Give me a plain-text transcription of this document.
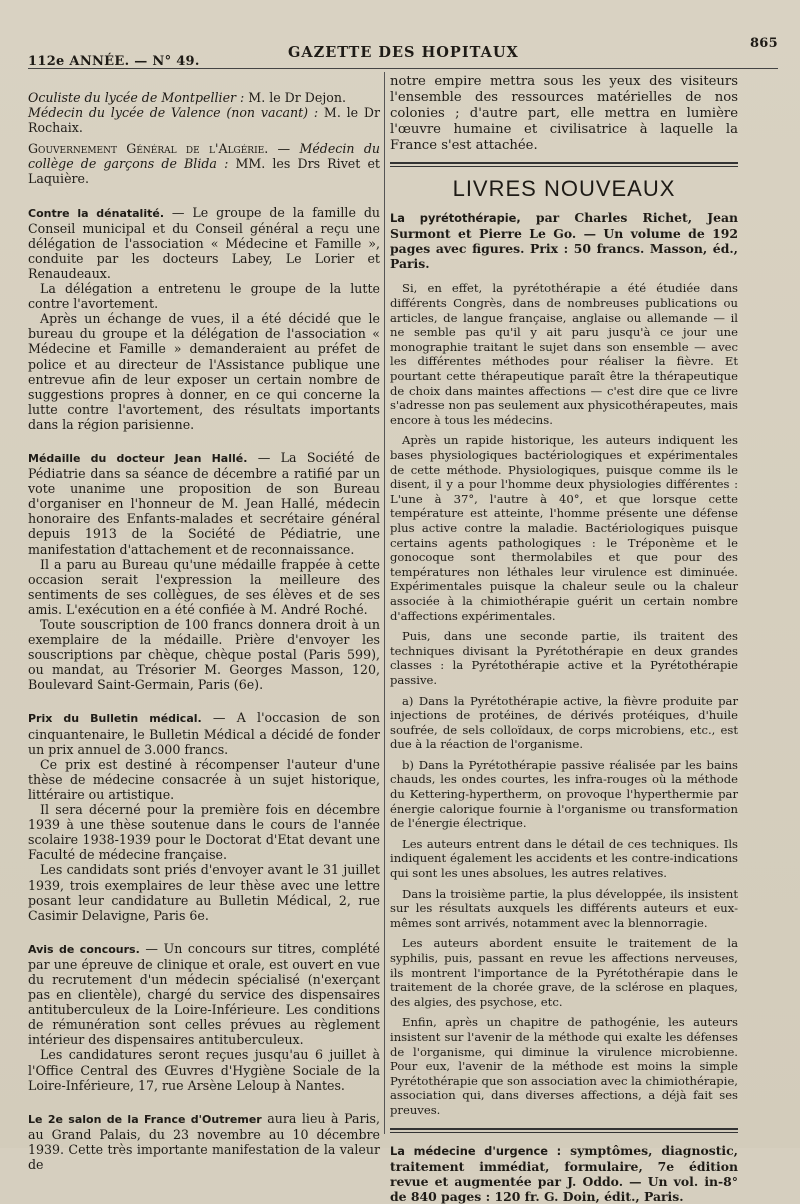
112e ANNÉE. — N° 49.
GAZETTE DES HOPITAUX
865

Oculiste du lycée de Montpellier : M. le Dr Dejon.

Médecin du lycée de Valence (non vacant) : M. le Dr Rochaix.

Gouvernement Général de l'Algérie. — Médecin du collège de garçons de Blida : MM. les Drs Rivet et Laquière.

Contre la dénatalité. — Le groupe de la famille du Conseil municipal et du Conseil général a reçu une délégation de l'association « Médecine et Famille », conduite par les docteurs Labey, Le Lorier et Renaudeaux.

La délégation a entretenu le groupe de la lutte contre l'avortement.

Après un échange de vues, il a été décidé que le bureau du groupe et la délégation de l'association « Médecine et Famille » demanderaient au préfet de police et au directeur de l'Assistance publique une entrevue afin de leur exposer un certain nombre de suggestions propres à donner, en ce qui concerne la lutte contre l'avortement, des résultats importants dans la région parisienne.

Médaille du docteur Jean Hallé. — La Société de Pédiatrie dans sa séance de décembre a ratifié par un vote unanime une proposition de son Bureau d'organiser en l'honneur de M. Jean Hallé, médecin honoraire des Enfants-malades et secrétaire général depuis 1913 de la Société de Pédiatrie, une manifestation d'attachement et de reconnaissance.

Il a paru au Bureau qu'une médaille frappée à cette occasion serait l'expression la meilleure des sentiments de ses collègues, de ses élèves et de ses amis. L'exécution en a été confiée à M. André Roché.

Toute souscription de 100 francs donnera droit à un exemplaire de la médaille. Prière d'envoyer les souscriptions par chèque, chèque postal (Paris 599), ou mandat, au Trésorier M. Georges Masson, 120, Boulevard Saint-Germain, Paris (6e).

Prix du Bulletin médical. — A l'occasion de son cinquantenaire, le Bulletin Médical a décidé de fonder un prix annuel de 3.000 francs.

Ce prix est destiné à récompenser l'auteur d'une thèse de médecine consacrée à un sujet historique, littéraire ou artistique.

Il sera décerné pour la première fois en décembre 1939 à une thèse soutenue dans le cours de l'année scolaire 1938-1939 pour le Doctorat d'Etat devant une Faculté de médecine française.

Les candidats sont priés d'envoyer avant le 31 juillet 1939, trois exemplaires de leur thèse avec une lettre posant leur candidature au Bulletin Médical, 2, rue Casimir Delavigne, Paris 6e.

Avis de concours. — Un concours sur titres, complété par une épreuve de clinique et orale, est ouvert en vue du recrutement d'un médecin spécialisé (n'exerçant pas en clientèle), chargé du service des dispensaires antituberculeux de la Loire-Inférieure. Les conditions de rémunération sont celles prévues au règlement intérieur des dispensaires antituberculeux.

Les candidatures seront reçues jusqu'au 6 juillet à l'Office Central des Œuvres d'Hygiène Sociale de la Loire-Inférieure, 17, rue Arsène Leloup à Nantes.

Le 2e salon de la France d'Outremer aura lieu à Paris, au Grand Palais, du 23 novembre au 10 décembre 1939. Cette très importante manifestation de la valeur de

notre empire mettra sous les yeux des visiteurs l'ensemble des ressources matérielles de nos colonies ; d'autre part, elle mettra en lumière l'œuvre humaine et civilisatrice à laquelle la France s'est attachée.

LIVRES NOUVEAUX
La pyrétothérapie, par Charles Richet, Jean Surmont et Pierre Le Go. — Un volume de 192 pages avec figures. Prix : 50 francs. Masson, éd., Paris.

Si, en effet, la pyrétothérapie a été étudiée dans différents Congrès, dans de nombreuses publications ou articles, de langue française, anglaise ou allemande — il ne semble pas qu'il y ait paru jusqu'à ce jour une monographie traitant le sujet dans son ensemble — avec les différentes méthodes pour réaliser la fièvre. Et pourtant cette thérapeutique paraît être la thérapeutique de choix dans maintes affections — c'est dire que ce livre s'adresse non pas seulement aux physicothérapeutes, mais encore à tous les médecins.

Après un rapide historique, les auteurs indiquent les bases physiologiques bactériologiques et expérimentales de cette méthode. Physiologiques, puisque comme ils le disent, il y a pour l'homme deux physiologies différentes : L'une à 37°, l'autre à 40°, et que lorsque cette température est atteinte, l'homme présente une défense plus active contre la maladie. Bactériologiques puisque certains agents pathologiques : le Tréponème et le gonocoque sont thermolabiles et que pour des températures non léthales leur virulence est diminuée. Expérimentales puisque la chaleur seule ou la chaleur associée à la chimiothérapie guérit un certain nombre d'affections expérimentales.

Puis, dans une seconde partie, ils traitent des techniques divisant la Pyrétothérapie en deux grandes classes : la Pyrétothérapie active et la Pyrétothérapie passive.

a) Dans la Pyrétothérapie active, la fièvre produite par injections de protéines, de dérivés protéiques, d'huile soufrée, de sels colloïdaux, de corps microbiens, etc., est due à la réaction de l'organisme.

b) Dans la Pyrétothérapie passive réalisée par les bains chauds, les ondes courtes, les infra-rouges où la méthode du Kettering-hypertherm, on provoque l'hyperthermie par énergie calorique fournie à l'organisme ou transformation de l'énergie électrique.

Les auteurs entrent dans le détail de ces techniques. Ils indiquent également les accidents et les contre-indications qui sont les unes absolues, les autres relatives.

Dans la troisième partie, la plus développée, ils insistent sur les résultats auxquels les différents auteurs et eux-mêmes sont arrivés, notamment avec la blennorragie.

Les auteurs abordent ensuite le traitement de la syphilis, puis, passant en revue les affections nerveuses, ils montrent l'importance de la Pyrétothérapie dans le traitement de la chorée grave, de la sclérose en plaques, des algies, des psychose, etc.

Enfin, après un chapitre de pathogénie, les auteurs insistent sur l'avenir de la méthode qui exalte les défenses de l'organisme, qui diminue la virulence microbienne. Pour eux, l'avenir de la méthode est moins la simple Pyrétothérapie que son association avec la chimiothérapie, association qui, dans diverses affections, a déjà fait ses preuves.

La médecine d'urgence : symptômes, diagnostic, traitement immédiat, formulaire, 7e édition revue et augmentée par J. Oddo. — Un vol. in-8° de 840 pages : 120 fr. G. Doin, édit., Paris.
